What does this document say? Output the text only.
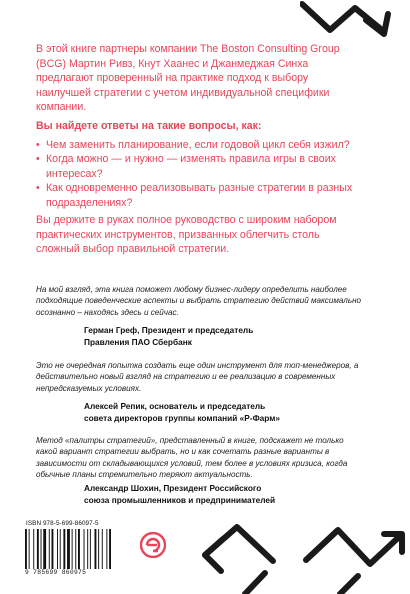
В этой книге партнеры компании The Boston Consulting Group (BCG) Мартин Ривз, Кнут Хаанес и Джанмеджая Синха предлагают проверенный на практике подход к выбору наилучшей стратегии с учетом индивидуальной специфики компании.

Вы найдете ответы на такие вопросы, как:

• Чем заменить планирование, если годовой цикл себя изжил?
• Когда можно — и нужно — изменять правила игры в своих интересах?
• Как одновременно реализовывать разные стратегии в разных подразделениях?

Вы держите в руках полное руководство с широким набором практических инструментов, призванных облегчить столь сложный выбор правильной стратегии.

На мой взгляд, эта книга поможет любому бизнес-лидеру определить наиболее подходящие поведенческие аспекты и выбрать стратегию действий максимально осознанно – находясь здесь и сейчас.

Герман Греф, Президент и председатель
Правления ПАО Сбербанк

Это не очередная попытка создать еще один инструмент для топ-менеджеров, а действительно новый взгляд на стратегию и ее реализацию в современных непредсказуемых условиях.

Алексей Репик, основатель и председатель
совета директоров группы компаний «Р-Фарм»

Метод «палитры стратегий», представленный в книге, подскажет не только какой вариант стратегии выбрать, но и как сочетать разные варианты в зависимости от складывающихся условий, тем более в условиях кризиса, когда обычные планы стремительно теряют актуальность.

Александр Шохин, Президент Российского
союза промышленников и предпринимателей

ISBN 978-5-699-86097-5

9 785699 860975
